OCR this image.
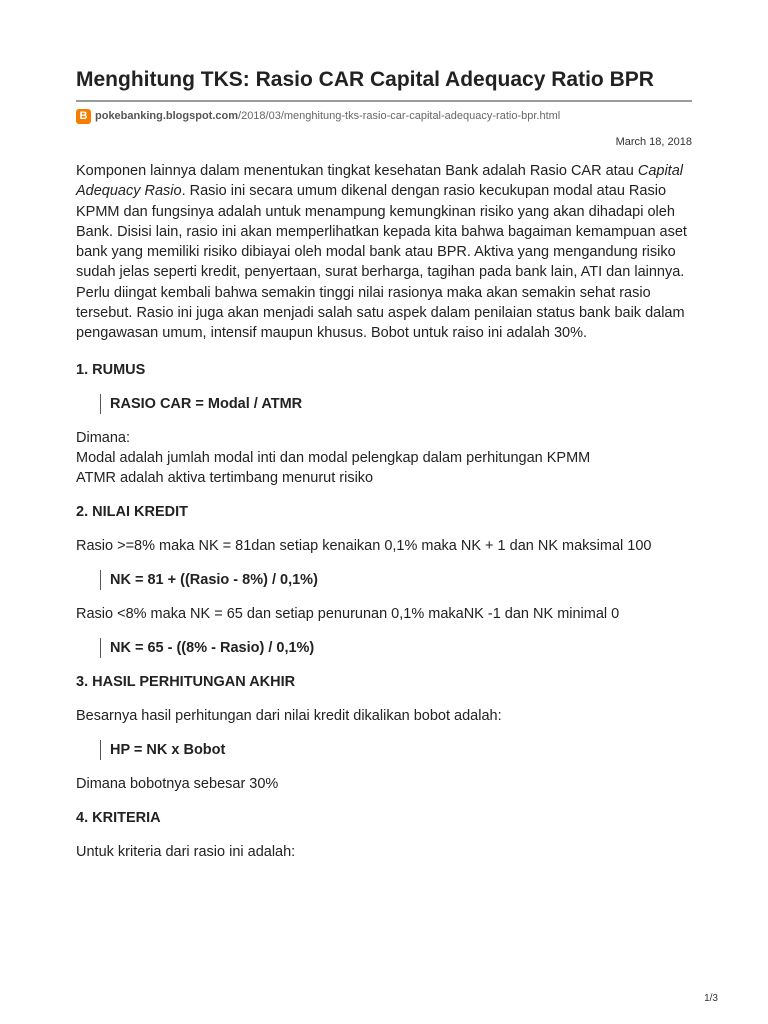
Menghitung TKS: Rasio CAR Capital Adequacy Ratio BPR
B pokebanking.blogspot.com/2018/03/menghitung-tks-rasio-car-capital-adequacy-ratio-bpr.html
March 18, 2018

Komponen lainnya dalam menentukan tingkat kesehatan Bank adalah Rasio CAR atau Capital Adequacy Rasio. Rasio ini secara umum dikenal dengan rasio kecukupan modal atau Rasio KPMM dan fungsinya adalah untuk menampung kemungkinan risiko yang akan dihadapi oleh Bank. Disisi lain, rasio ini akan memperlihatkan kepada kita bahwa bagaiman kemampuan aset bank yang memiliki risiko dibiayai oleh modal bank atau BPR. Aktiva yang mengandung risiko sudah jelas seperti kredit, penyertaan, surat berharga, tagihan pada bank lain, ATI dan lainnya. Perlu diingat kembali bahwa semakin tinggi nilai rasionya maka akan semakin sehat rasio tersebut. Rasio ini juga akan menjadi salah satu aspek dalam penilaian status bank baik dalam pengawasan umum, intensif maupun khusus. Bobot untuk raiso ini adalah 30%.

1. RUMUS
RASIO CAR = Modal / ATMR

Dimana:

Modal adalah jumlah modal inti dan modal pelengkap dalam perhitungan KPMM

ATMR adalah aktiva tertimbang menurut risiko

2. NILAI KREDIT

Rasio >=8% maka NK = 81dan setiap kenaikan 0,1% maka NK + 1 dan NK maksimal 100

NK = 81 + ((Rasio - 8%) / 0,1%)

Rasio <8% maka NK = 65 dan setiap penurunan 0,1% makaNK -1 dan NK minimal 0

NK = 65 - ((8% - Rasio) / 0,1%)
3. HASIL PERHITUNGAN AKHIR

Besarnya hasil perhitungan dari nilai kredit dikalikan bobot adalah:

HP = NK x Bobot

Dimana bobotnya sebesar 30%

4. KRITERIA

Untuk kriteria dari rasio ini adalah:

1/3
